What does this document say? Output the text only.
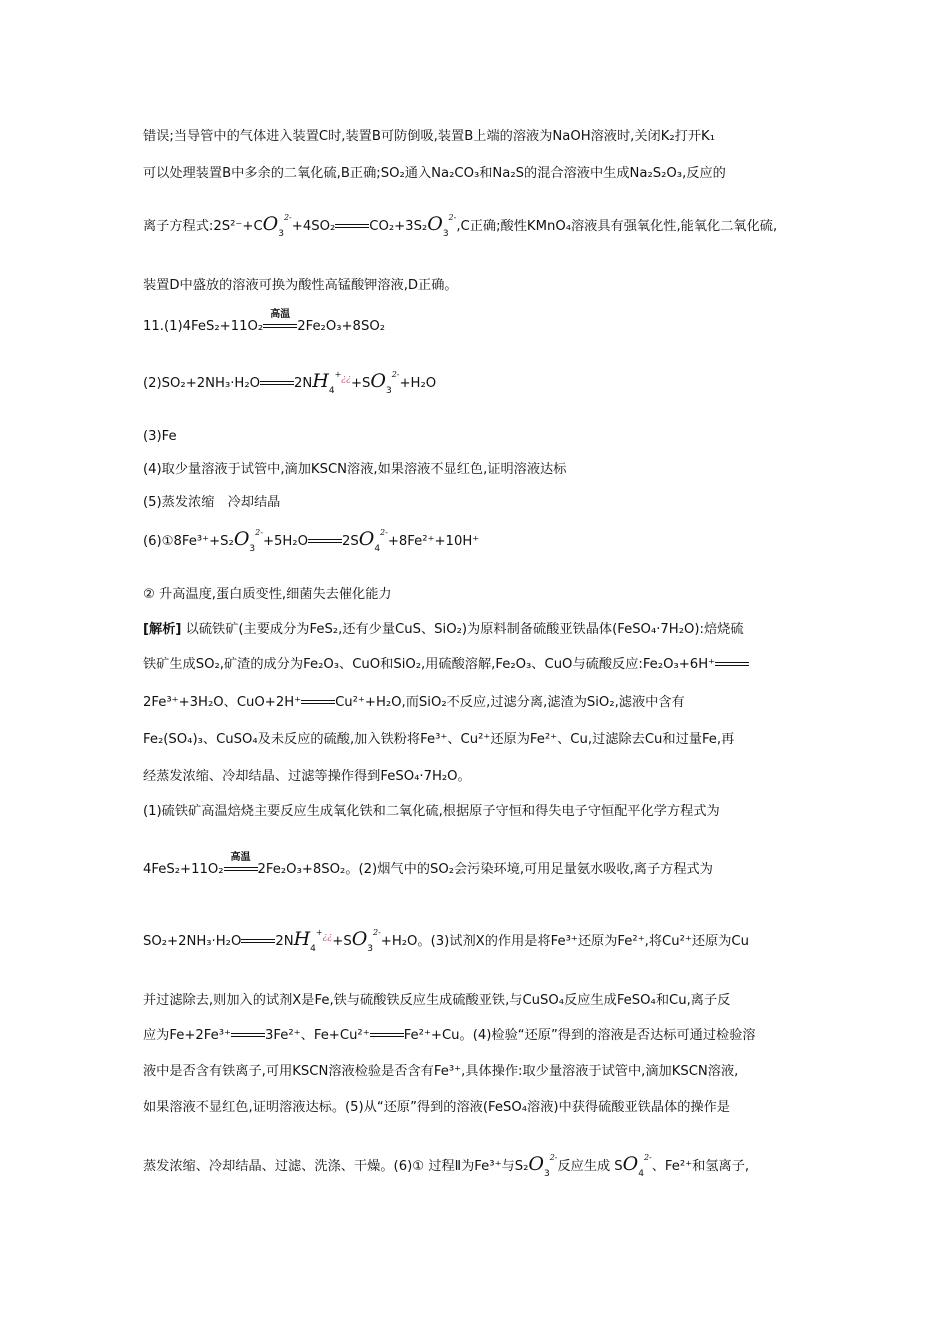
错误;当导管中的气体进入装置C时,装置B可防倒吸,装置B上端的溶液为NaOH溶液时,关闭K₂打开K₁
可以处理装置B中多余的二氧化硫,B正确;SO₂通入Na₂CO₃和Na₂S的混合溶液中生成Na₂S₂O₃,反应的
离子方程式$:2S^{2-}+CO_3^{2-}+4SO_2$	$CO_2+3S_2O_3^{2-},C$正确;酸性KMnO₄溶液具有强氧化性,能氧化二氧化硫,
装置D中盛放的溶液可换为酸性高锰酸钾溶液,D正确。
11.(1)4FeS₂+11O₂
高温
2Fe₂O₃+8SO₂
(2)SO₂+2NH₃·H₂O	$2NH_4^{+¿¿}+SO_3^{2-}+H_2O$
(3)Fe
(4)取少量溶液于试管中,滴加KSCN溶液,如果溶液不显红色,证明溶液达标
(5)蒸发浓缩　冷却结晶
$(6)①8Fe^{3+}+S_2O_3^{2-}+5H_2O$	$2SO_4^{2-}+8Fe^{2+}+10H^+$
② 升高温度,蛋白质变性,细菌失去催化能力
[解析] 以硫铁矿(主要成分为FeS₂,还有少量CuS、SiO₂)为原料制备硫酸亚铁晶体(FeSO₄·7H₂O):焙烧硫
铁矿生成SO₂,矿渣的成分为Fe₂O₃、CuO和SiO₂,用硫酸溶解,Fe₂O₃、CuO与硫酸反应:Fe₂O₃+6H⁺
2Fe³⁺+3H₂O、CuO+2H⁺	Cu²⁺+H₂O,而SiO₂不反应,过滤分离,滤渣为SiO₂,滤液中含有
Fe₂(SO₄)₃、CuSO₄及未反应的硫酸,加入铁粉将Fe³⁺、Cu²⁺还原为Fe²⁺、Cu,过滤除去Cu和过量Fe,再
经蒸发浓缩、冷却结晶、过滤等操作得到FeSO₄·7H₂O。
(1)硫铁矿高温焙烧主要反应生成氧化铁和二氧化硫,根据原子守恒和得失电子守恒配平化学方程式为
4FeS₂+11O₂
高温
2Fe₂O₃+8SO₂。(2)烟气中的SO₂会污染环境,可用足量氨水吸收,离子方程式为
SO₂+2NH₃·H₂O	$2NH_4^{+¿¿}+SO_3^{2-}+H_2O$。(3)试剂X的作用是将Fe³⁺还原为Fe²⁺,将Cu²⁺还原为Cu
并过滤除去,则加入的试剂X是Fe,铁与硫酸铁反应生成硫酸亚铁,与CuSO₄反应生成FeSO₄和Cu,离子反
应为Fe+2Fe³⁺	3Fe²⁺、Fe+Cu²⁺	Fe²⁺+Cu。(4)检验“还原”得到的溶液是否达标可通过检验溶
液中是否含有铁离子,可用KSCN溶液检验是否含有Fe³⁺,具体操作:取少量溶液于试管中,滴加KSCN溶液,
如果溶液不显红色,证明溶液达标。(5)从“还原”得到的溶液(FeSO₄溶液)中获得硫酸亚铁晶体的操作是
蒸发浓缩、冷却结晶、过滤、洗涤、干燥。(6)① 过程Ⅱ为Fe³⁺与$S_2O_3^{2-}$反应生成 $SO_4^{2-}$、Fe²⁺和氢离子,
